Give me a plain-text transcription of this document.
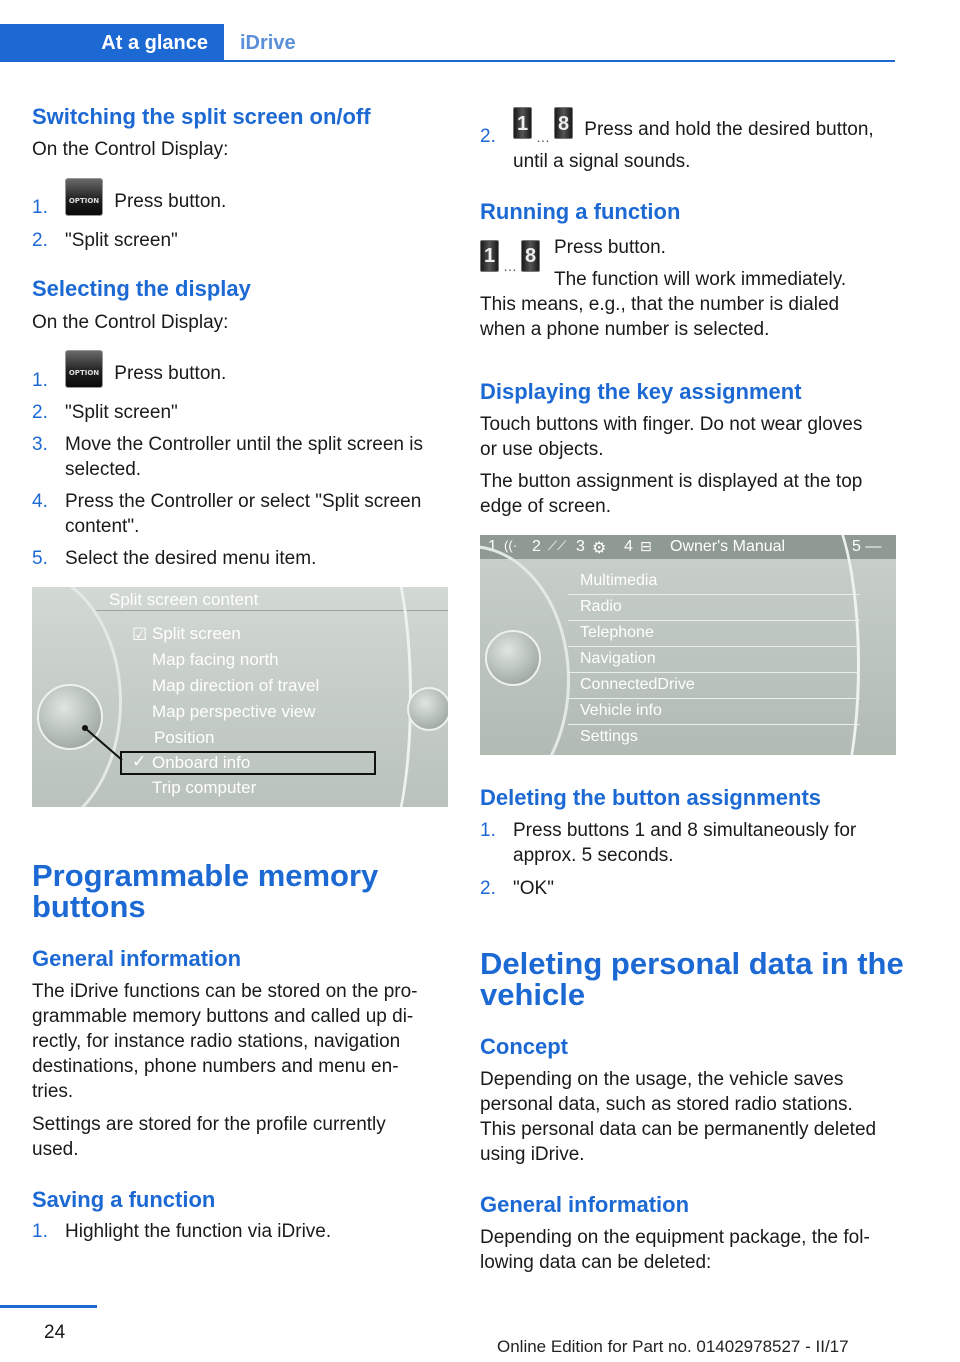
At a glance	iDrive
Switching the split screen on/off
On the Control Display:
1.	OPTION Press button.
2. "Split screen"
Selecting the display
On the Control Display:
1.	OPTION Press button.
2. "Split screen"
3. Move the Controller until the split screen is
selected.
4. Press the Controller or select "Split screen
content".
5. Select the desired menu item.
Split screen content
☑ Split screen
Map facing north
Map direction of travel
Map perspective view
Position
✓ Onboard info
Trip computer
Programmable memory
buttons
General information
The iDrive functions can be stored on the pro-
grammable memory buttons and called up di-
rectly, for instance radio stations, navigation
destinations, phone numbers and menu en-
tries.
Settings are stored for the profile currently
used.
Saving a function
1. Highlight the function via iDrive.
2.
1
…
8 Press and hold the desired button,
until a signal sounds.
Running a function
1 … 8 Press button.
The function will work immediately.
This means, e.g., that the number is dialed
when a phone number is selected.
Displaying the key assignment
Touch buttons with finger. Do not wear gloves
or use objects.
The button assignment is displayed at the top
edge of screen.
1 ((· 2 ⟋⟋ 3 ⚙ 4 ⊟ Owner's Manual	5 —
Multimedia
Radio
Telephone
Navigation
ConnectedDrive
Vehicle info
Settings
Deleting the button assignments
1. Press buttons 1 and 8 simultaneously for
approx. 5 seconds.
2. "OK"
Deleting personal data in the
vehicle
Concept
Depending on the usage, the vehicle saves
personal data, such as stored radio stations.
This personal data can be permanently deleted
using iDrive.
General information
Depending on the equipment package, the fol-
lowing data can be deleted:
24
Online Edition for Part no. 01402978527 - II/17
